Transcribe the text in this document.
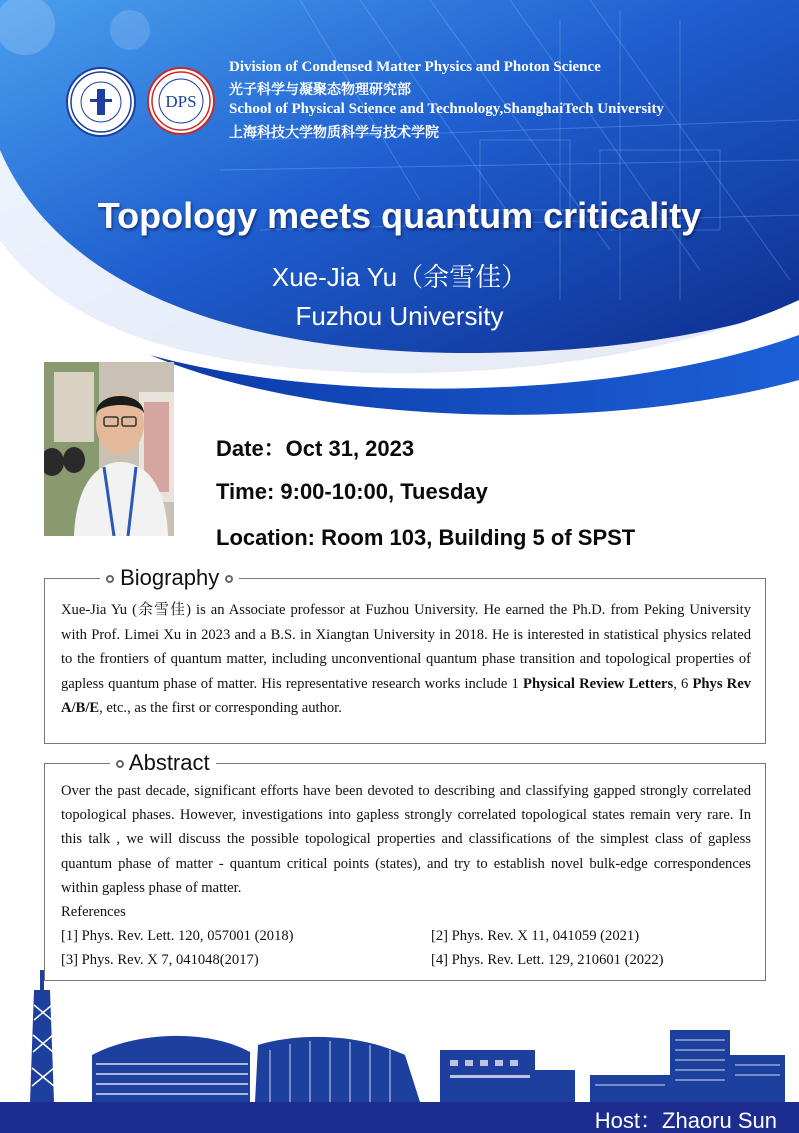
DPS
Division of Condensed Matter Physics and Photon Science
光子科学与凝聚态物理研究部
School of Physical Science and Technology,ShanghaiTech University
上海科技大学物质科学与技术学院
Topology meets quantum criticality
Xue-Jia Yu（余雪佳）
Fuzhou University
Date：Oct 31, 2023
Time: 9:00-10:00, Tuesday
Location: Room 103, Building 5 of SPST
Biography
Xue-Jia Yu (余雪佳) is an Associate professor at Fuzhou University. He earned the Ph.D. from Peking University with Prof. Limei Xu in 2023 and a B.S. in Xiangtan University in 2018. He is interested in statistical physics related to the frontiers of quantum matter, including unconventional quantum phase transition and topological properties of gapless quantum phase of matter. His representative research works include 1 Physical Review Letters, 6 Phys Rev A/B/E, etc., as the first or corresponding author.
Abstract
Over the past decade, significant efforts have been devoted to describing and classifying gapped strongly correlated topological phases. However, investigations into gapless strongly correlated topological states remain very rare. In this talk , we will discuss the possible topological properties and classifications of the simplest class of gapless quantum phase of matter - quantum critical points (states), and try to establish novel bulk-edge correspondences within gapless phase of matter.
References
[1] Phys. Rev. Lett. 120, 057001 (2018)	[2] Phys. Rev. X 11, 041059 (2021)
[3] Phys. Rev. X 7, 041048(2017)	[4] Phys. Rev. Lett. 129, 210601 (2022)
Host：Zhaoru Sun
